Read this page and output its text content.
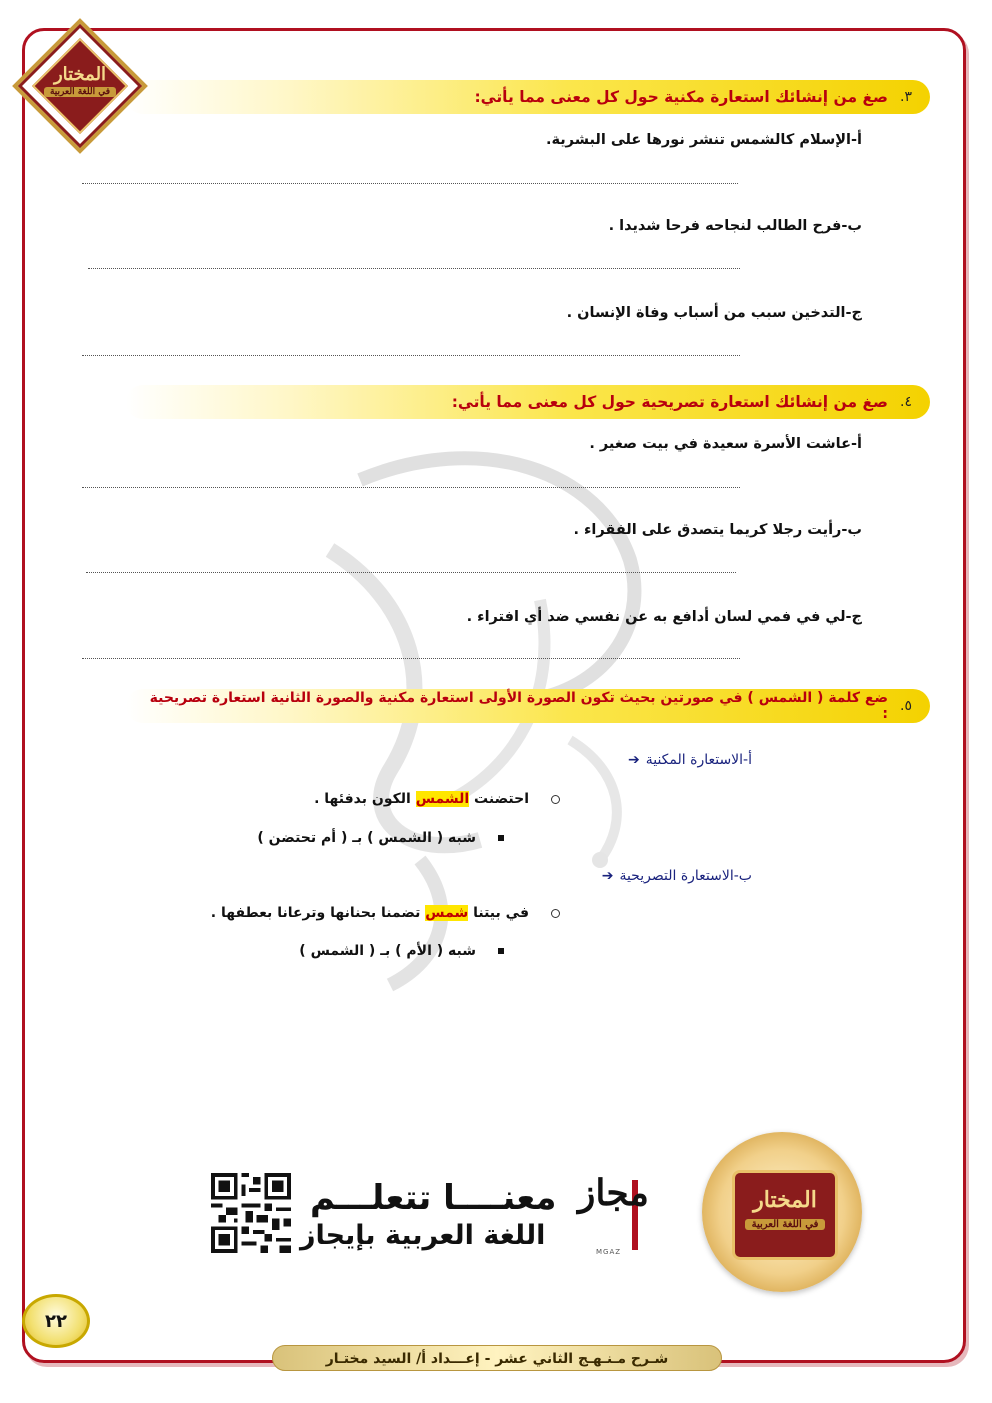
المختار
في اللغة العربية	٣.
صغ من إنشائك استعارة مكنية حول كل معنى مما يأتي:
أ-الإسلام كالشمس تنشر نورها على البشرية.
ب-فرح الطالب لنجاحه فرحا شديدا .
ج-التدخين سبب من أسباب وفاة الإنسان .
٤.
صغ من إنشائك استعارة تصريحية حول كل معنى مما يأتي:
أ-عاشت الأسرة سعيدة في بيت صغير .
ب-رأيت رجلا كريما يتصدق على الفقراء .
ج-لي في فمي لسان أدافع به عن نفسي ضد أي افتراء .
٥.
ضع كلمة ( الشمس ) في صورتين بحيث تكون الصورة الأولى استعارة مكنية والصورة الثانية استعارة تصريحية :
أ-الاستعارة المكنية➔
احتضنت الشمس الكون بدفئها .
شبه ( الشمس ) بـ ( أم تحتضن )
ب-الاستعارة التصريحية➔
في بيتنا شمس تضمنا بحنانها وترعانا بعطفها .
شبه ( الأم ) بـ ( الشمس )
المختار
في اللغة العربية
مجاز
MGAZ
معنــــا تتعلـــم
اللغة العربية بإيجاز
٢٢
شـرح مـنـهـج الثاني عشر - إعـــداد أ/ السيد مختـار
